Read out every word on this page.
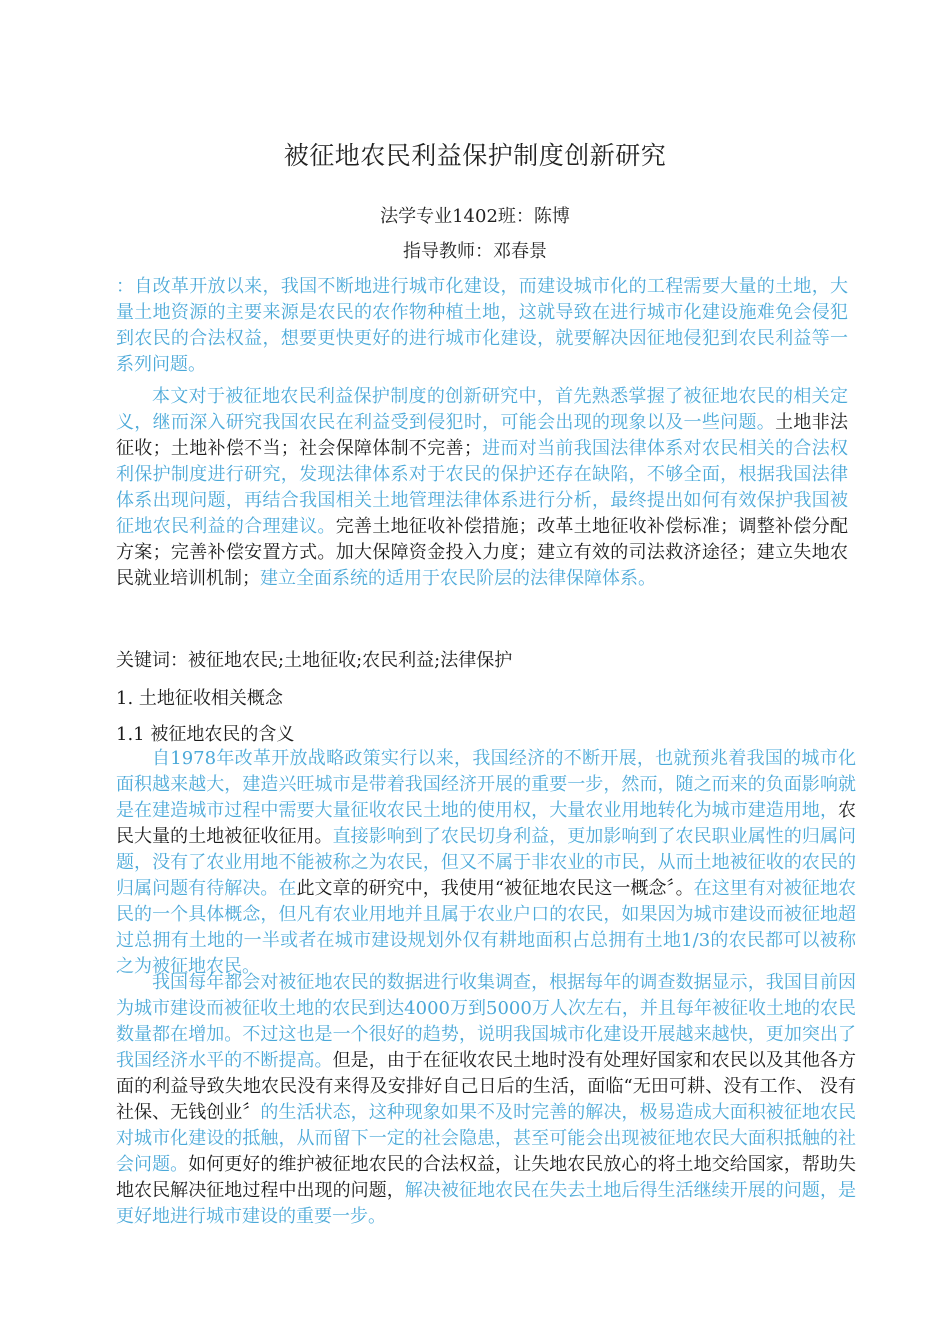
被征地农民利益保护制度创新研究
法学专业1402班：陈博
指导教师：邓春景

：自改革开放以来，我国不断地进行城市化建设，而建设城市化的工程需要大量的土地，大量土地资源的主要来源是农民的农作物种植土地，这就导致在进行城市化建设施难免会侵犯到农民的合法权益，想要更快更好的进行城市化建设，就要解决因征地侵犯到农民利益等一系列问题。

本文对于被征地农民利益保护制度的创新研究中，首先熟悉掌握了被征地农民的相关定义，继而深入研究我国农民在利益受到侵犯时，可能会出现的现象以及一些问题。土地非法征收；土地补偿不当；社会保障体制不完善；进而对当前我国法律体系对农民相关的合法权利保护制度进行研究，发现法律体系对于农民的保护还存在缺陷，不够全面，根据我国法律体系出现问题，再结合我国相关土地管理法律体系进行分析，最终提出如何有效保护我国被征地农民利益的合理建议。完善土地征收补偿措施；改革土地征收补偿标准；调整补偿分配方案；完善补偿安置方式。加大保障资金投入力度；建立有效的司法救济途径；建立失地农民就业培训机制；建立全面系统的适用于农民阶层的法律保障体系。

关键词：被征地农民;土地征收;农民利益;法律保护

1. 土地征收相关概念

1.1 被征地农民的含义

自1978年改革开放战略政策实行以来，我国经济的不断开展，也就预兆着我国的城市化面积越来越大，建造兴旺城市是带着我国经济开展的重要一步，然而，随之而来的负面影响就是在建造城市过程中需要大量征收农民土地的使用权，大量农业用地转化为城市建造用地，农民大量的土地被征收征用。直接影响到了农民切身利益，更加影响到了农民职业属性的归属问题，没有了农业用地不能被称之为农民，但又不属于非农业的市民，从而土地被征收的农民的归属问题有待解决。在此文章的研究中，我使用“被征地农民这一概念〞。在这里有对被征地农民的一个具体概念，但凡有农业用地并且属于农业户口的农民，如果因为城市建设而被征地超过总拥有土地的一半或者在城市建设规划外仅有耕地面积占总拥有土地1/3的农民都可以被称之为被征地农民。

我国每年都会对被征地农民的数据进行收集调查，根据每年的调查数据显示，我国目前因为城市建设而被征收土地的农民到达4000万到5000万人次左右，并且每年被征收土地的农民数量都在增加。不过这也是一个很好的趋势，说明我国城市化建设开展越来越快，更加突出了我国经济水平的不断提高。但是，由于在征收农民土地时没有处理好国家和农民以及其他各方面的利益导致失地农民没有来得及安排好自己日后的生活，面临“无田可耕、没有工作、 没有社保、无钱创业〞的生活状态，这种现象如果不及时完善的解决，极易造成大面积被征地农民对城市化建设的抵触，从而留下一定的社会隐患，甚至可能会出现被征地农民大面积抵触的社会问题。如何更好的维护被征地农民的合法权益，让失地农民放心的将土地交给国家，帮助失地农民解决征地过程中出现的问题，解决被征地农民在失去土地后得生活继续开展的问题，是更好地进行城市建设的重要一步。
